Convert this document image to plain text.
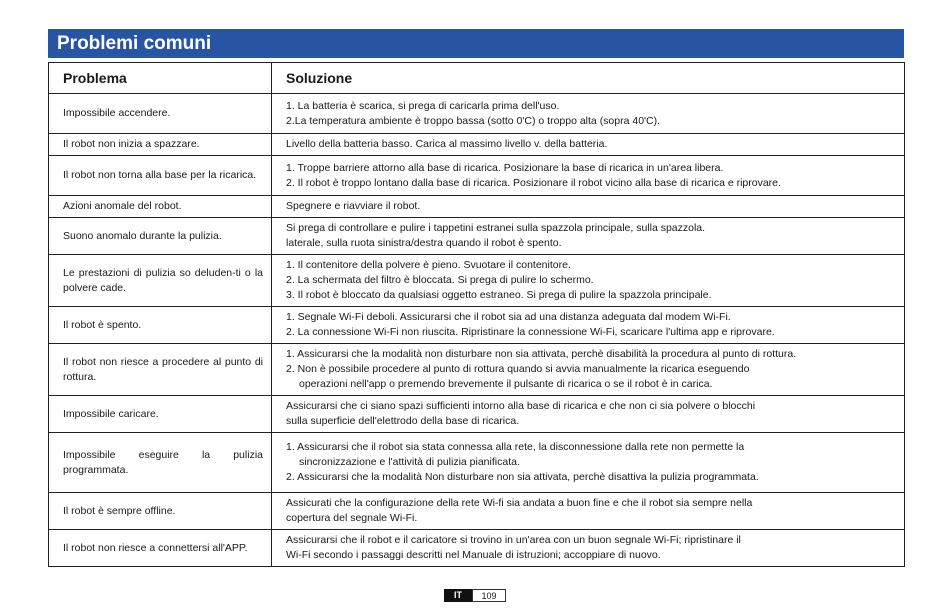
Problemi comuni
Problema	Soluzione
Impossibile accendere.	1. La batteria è scarica, si prega di caricarla prima dell'uso.
2.La temperatura ambiente è troppo bassa (sotto 0'C) o troppo alta (sopra 40'C).

Il robot non inizia a spazzare.	Livello della batteria basso. Carica al massimo livello v. della batteria.

Il robot non torna alla base per la ricarica.	1. Troppe barriere attorno alla base di ricarica. Posizionare la base di ricarica in un'area libera.
2. Il robot è troppo lontano dalla base di ricarica. Posizionare il robot vicino alla base di ricarica e riprovare.

Azioni anomale del robot.	Spegnere e riavviare il robot.

Suono anomalo durante la pulizia.	Si prega di controllare e pulire i tappetini estranei sulla spazzola principale, sulla spazzola.
laterale, sulla ruota sinistra/destra quando il robot è spento.

Le prestazioni di pulizia so deluden-ti o la polvere cade.	1. Il contenitore della polvere è pieno. Svuotare il contenitore.
2. La schermata del filtro è bloccata. Si prega di pulire lo schermo.
3. Il robot è bloccato da qualsiasi oggetto estraneo. Si prega di pulire la spazzola principale.

Il robot è spento.	1. Segnale Wi-Fi deboli. Assicurarsi che il robot sia ad una distanza adeguata dal modem Wi-Fi.
2. La connessione Wi-Fi non riuscita. Ripristinare la connessione Wi-Fi, scaricare l'ultima app e riprovare.

Il robot non riesce a procedere al punto di rottura.	1. Assicurarsi che la modalità non disturbare non sia attivata, perchè disabilità la procedura al punto di rottura.
2. Non è possibile procedere al punto di rottura quando si avvia manualmente la ricarica eseguendo
operazioni nell'app o premendo brevemente il pulsante di ricarica o se il robot è in carica.

Impossibile caricare.	Assicurarsi che ci siano spazi sufficienti intorno alla base di ricarica e che non ci sia polvere o blocchi
sulla superficie dell'elettrodo della base di ricarica.

Impossibile eseguire la pulizia programmata.	1. Assicurarsi che il robot sia stata connessa alla rete, la disconnessione dalla rete non permette la
sincronizzazione e l'attività di pulizia pianificata.
2. Assicurarsi che la modalità Non disturbare non sia attivata, perchè disattiva la pulizia programmata.

Il robot è sempre offline.	Assicurati che la configurazione della rete Wi-fi sia andata a buon fine e che il robot sia sempre nella
copertura del segnale Wi-Fi.

Il robot non riesce a connettersi all'APP.	Assicurarsi che il robot e il caricatore si trovino in un'area con un buon segnale Wi-Fi; ripristinare il
Wi-Fi secondo i passaggi descritti nel Manuale di istruzioni; accoppiare di nuovo.
IT	109
